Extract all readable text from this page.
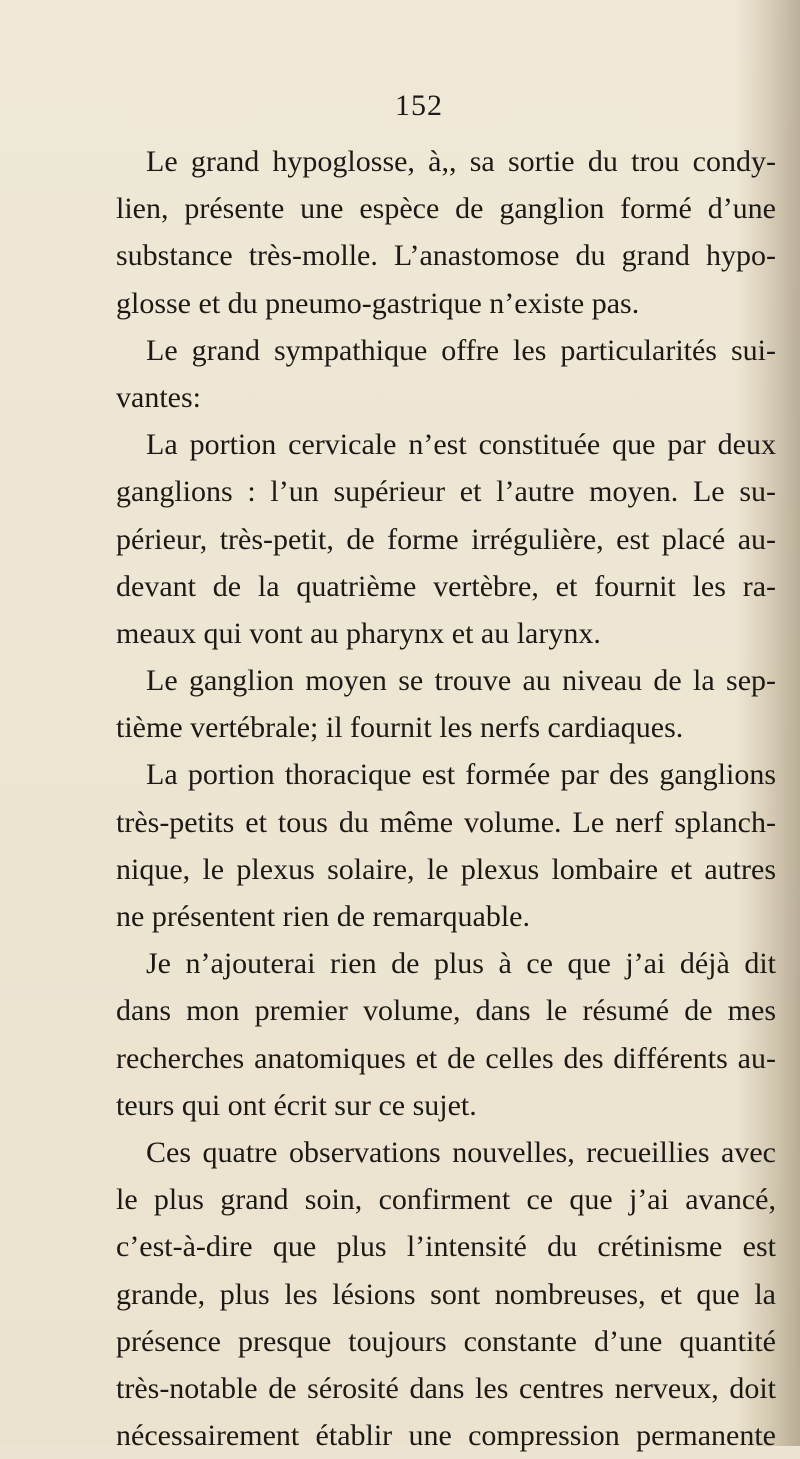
152
Le grand hypoglosse, à,, sa sortie du trou condy-
lien, présente une espèce de ganglion formé d’une
substance très-molle. L’anastomose du grand hypo-
glosse et du pneumo-gastrique n’existe pas.
Le grand sympathique offre les particularités sui-
vantes:
La portion cervicale n’est constituée que par deux
ganglions : l’un supérieur et l’autre moyen. Le su-
périeur, très-petit, de forme irrégulière, est placé au-
devant de la quatrième vertèbre, et fournit les ra-
meaux qui vont au pharynx et au larynx.
Le ganglion moyen se trouve au niveau de la sep-
tième vertébrale; il fournit les nerfs cardiaques.
La portion thoracique est formée par des ganglions
très-petits et tous du même volume. Le nerf splanch-
nique, le plexus solaire, le plexus lombaire et autres
ne présentent rien de remarquable.
Je n’ajouterai rien de plus à ce que j’ai déjà dit
dans mon premier volume, dans le résumé de mes
recherches anatomiques et de celles des différents au-
teurs qui ont écrit sur ce sujet.
Ces quatre observations nouvelles, recueillies avec
le plus grand soin, confirment ce que j’ai avancé,
c’est-à-dire que plus l’intensité du crétinisme est
grande, plus les lésions sont nombreuses, et que la
présence presque toujours constante d’une quantité
très-notable de sérosité dans les centres nerveux, doit
nécessairement établir une compression permanente
